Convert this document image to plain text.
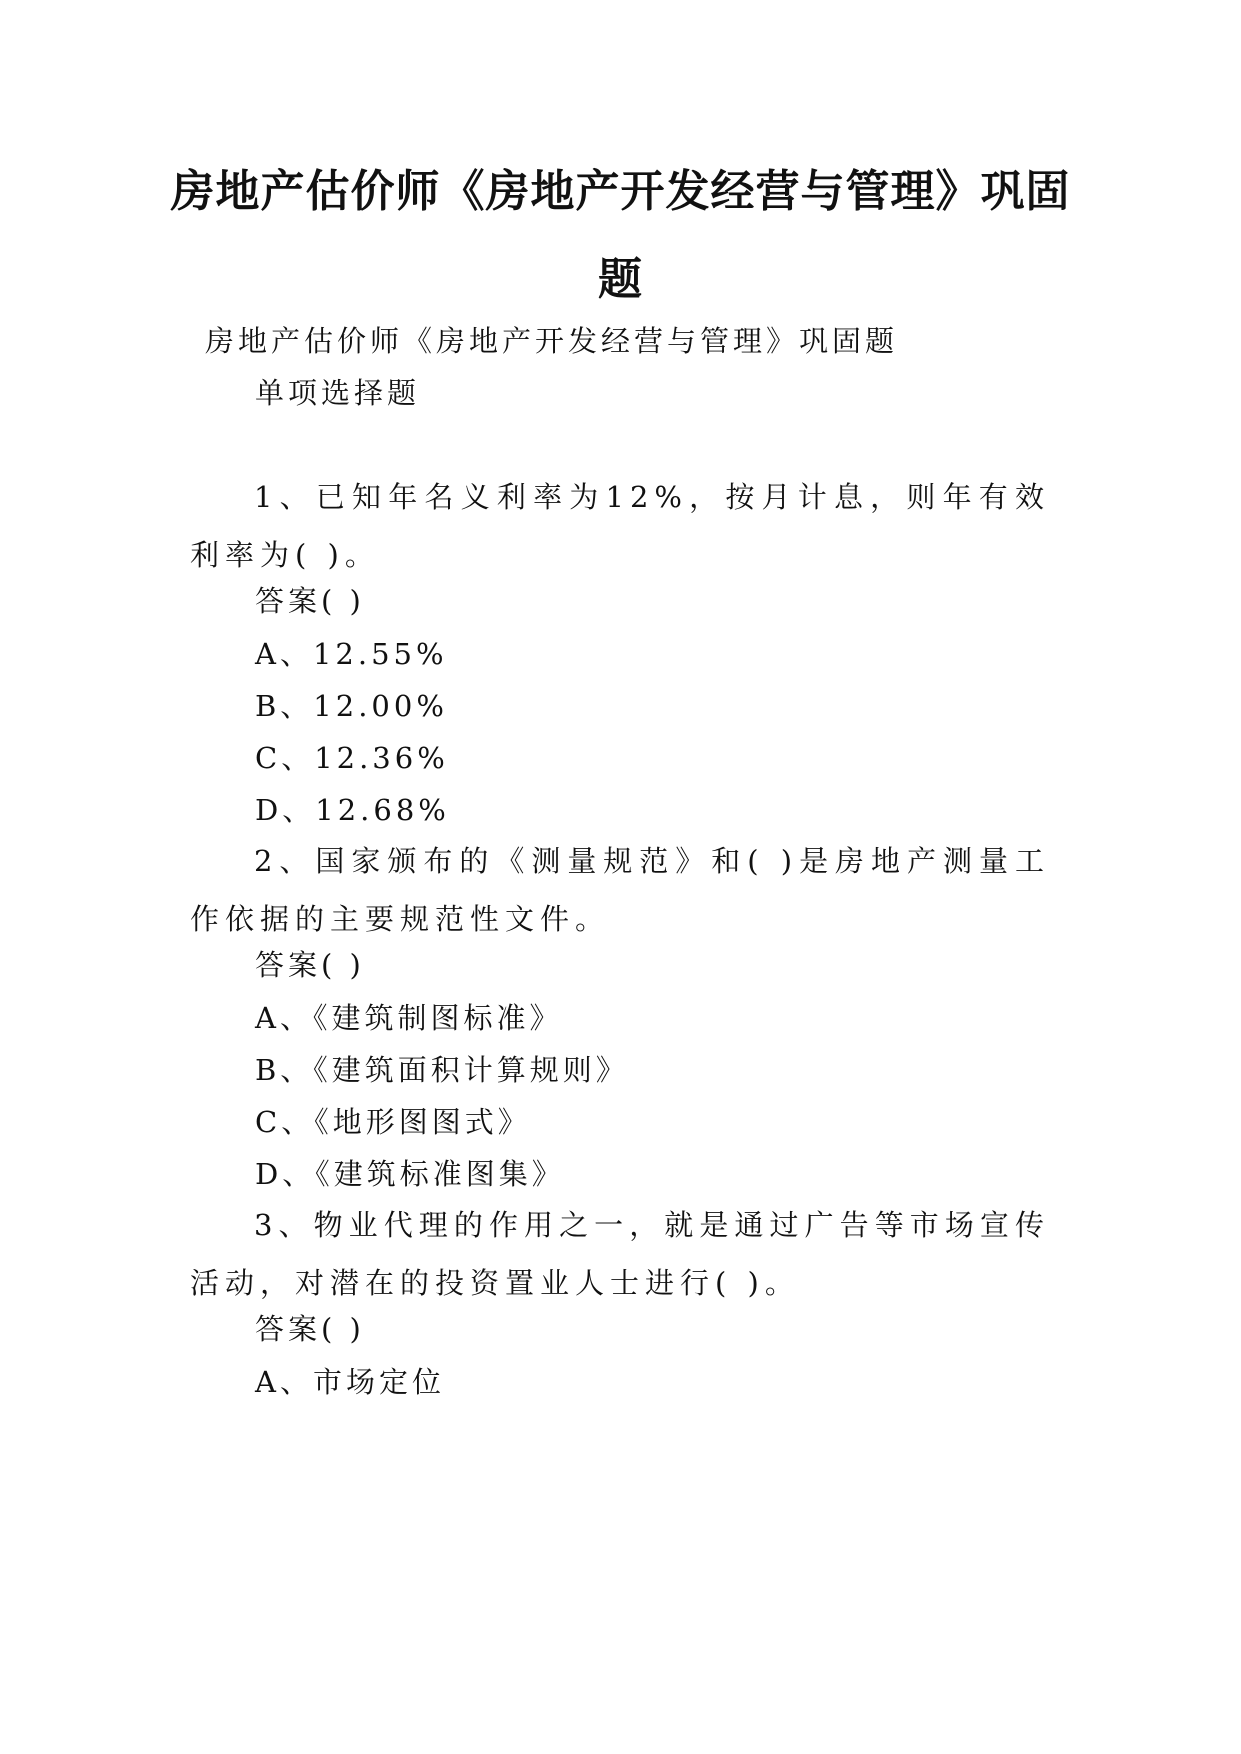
房地产估价师《房地产开发经营与管理》巩固题
房地产估价师《房地产开发经营与管理》巩固题
单项选择题
1、已知年名义利率为12%，按月计息，则年有效利率为( )。
答案( )
A、12.55%
B、12.00%
C、12.36%
D、12.68%
2、国家颁布的《测量规范》和( )是房地产测量工作依据的主要规范性文件。
答案( )
A、《建筑制图标准》
B、《建筑面积计算规则》
C、《地形图图式》
D、《建筑标准图集》
3、物业代理的作用之一，就是通过广告等市场宣传活动，对潜在的投资置业人士进行( )。
答案( )
A、市场定位
